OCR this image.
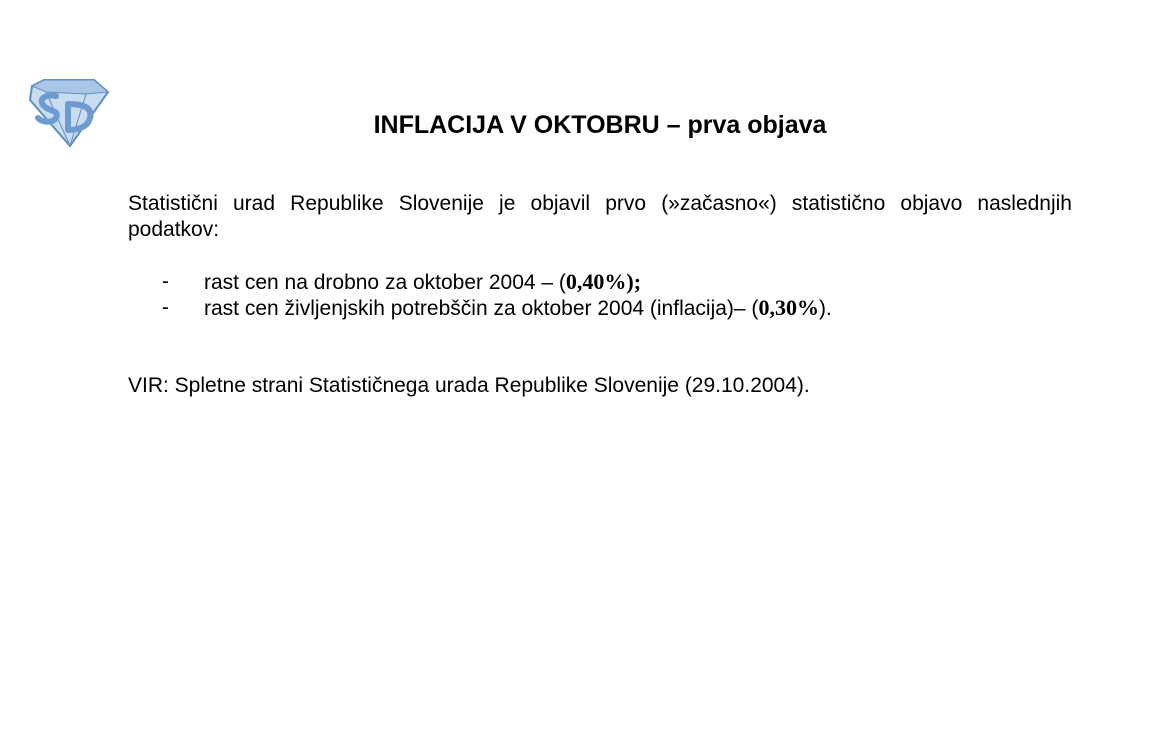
INFLACIJA V OKTOBRU – prva objava

Statistični urad Republike Slovenije je objavil prvo (»začasno«) statistično objavo naslednjih podatkov:

- rast cen na drobno za oktober 2004 – (0,40%);
- rast cen življenjskih potrebščin za oktober 2004 (inflacija)– (0,30%).

VIR: Spletne strani Statističnega urada Republike Slovenije (29.10.2004).
